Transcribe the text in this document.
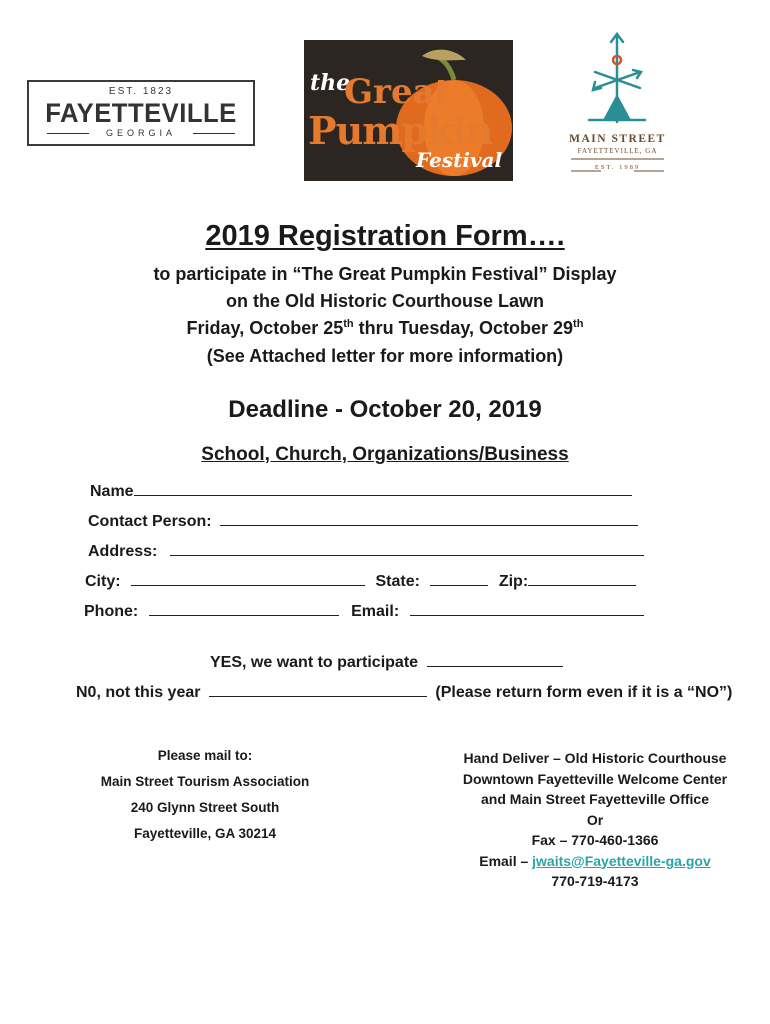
EST. 1823
FAYETTEVILLE
GEORGIA
the
Great
Pumpkin
Festival
MAIN STREET
FAYETTEVILLE, GA
EST. 1989
2019 Registration Form….
to participate in “The Great Pumpkin Festival” Display
on the Old Historic Courthouse Lawn
Friday, October 25th thru Tuesday, October 29th
(See Attached letter for more information)
Deadline - October 20, 2019
School, Church, Organizations/Business
Name
Contact Person:
Address:
City:	State:	Zip:
Phone:	Email:
YES, we want to participate
N0, not this year	(Please return form even if it is a “NO”)
Please mail to:
Main Street Tourism Association
240 Glynn Street South
Fayetteville, GA 30214
Hand Deliver – Old Historic Courthouse
Downtown Fayetteville Welcome Center
and Main Street Fayetteville Office
Or
Fax – 770-460-1366
Email – jwaits@Fayetteville-ga.gov
770-719-4173
